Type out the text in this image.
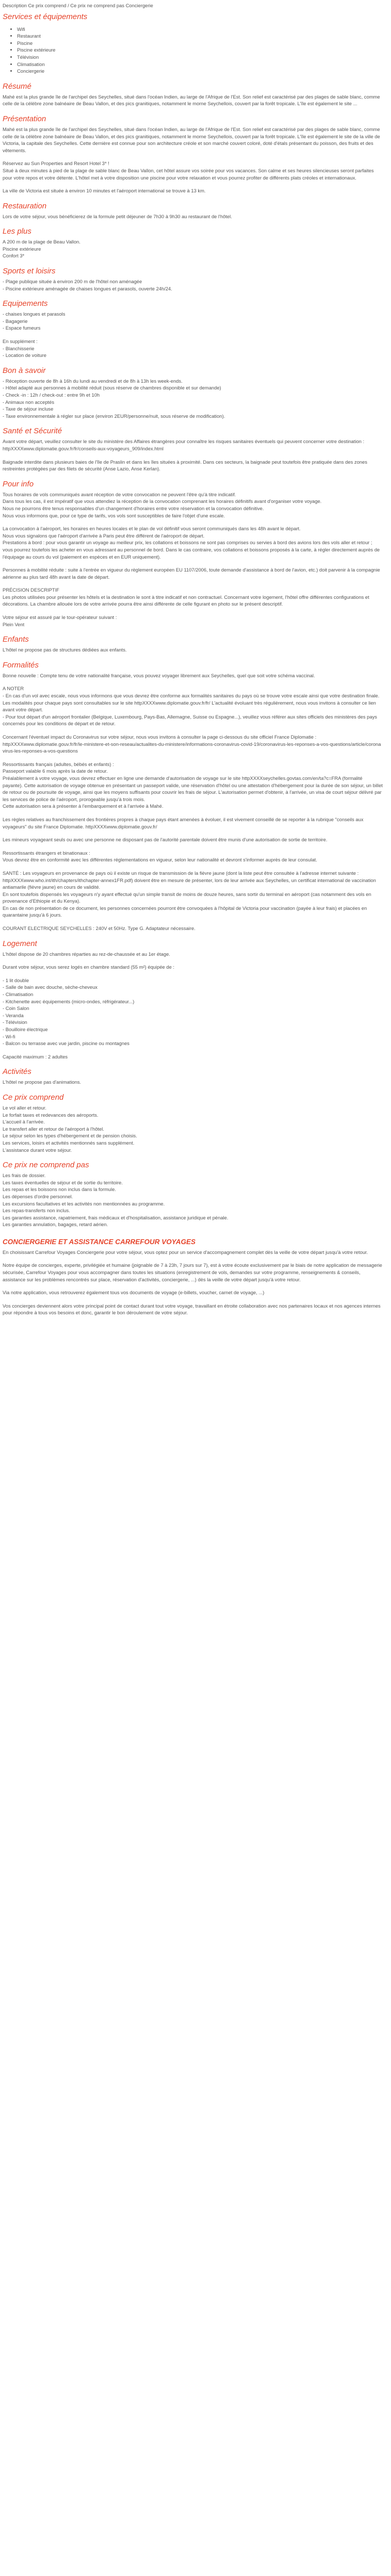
Description Ce prix comprend / Ce prix ne comprend pas Conciergerie
Services et équipements
• Wifi
• Restaurant
• Piscine
• Piscine extérieure
• Télévision
• Climatisation
• Conciergerie
Résumé

Mahé est la plus grande île de l'archipel des Seychelles, situé dans l'océan Indien, au large de l'Afrique de l'Est. Son relief est caractérisé par des plages de sable blanc, comme celle de la célèbre zone balnéaire de Beau Vallon, et des pics granitiques, notamment le morne Seychellois, couvert par la forêt tropicale. L'île est également le site ...

Présentation

Mahé est la plus grande île de l'archipel des Seychelles, situé dans l'océan Indien, au large de l'Afrique de l'Est. Son relief est caractérisé par des plages de sable blanc, comme celle de la célèbre zone balnéaire de Beau Vallon, et des pics granitiques, notamment le morne Seychellois, couvert par la forêt tropicale. L'île est également le site de la ville de Victoria, la capitale des Seychelles. Cette dernière est connue pour son architecture créole et son marché couvert coloré, doté d'étals présentant du poisson, des fruits et des vêtements.

Réservez au Sun Properties and Resort Hotel 3* !
Situé à deux minutes à pied de la plage de sable blanc de Beau Vallon, cet hôtel assure vos soirée pour vos vacances. Son calme et ses heures silencieuses seront parfaites pour votre repos et votre détente. L'hôtel met à votre disposition une piscine pour votre relaxation et vous pourrez profiter de différents plats créoles et internationaux.

La ville de Victoria est située à environ 10 minutes et l'aéroport international se trouve à 13 km.

Restauration

Lors de votre séjour, vous bénéficierez de la formule petit déjeuner de 7h30 à 9h30 au restaurant de l'hôtel.

Les plus

A 200 m de la plage de Beau Vallon.
Piscine extérieure
Confort 3*

Sports et loisirs

- Plage publique située à environ 200 m de l'hôtel non aménagée
- Piscine extérieure aménagée de chaises longues et parasols, ouverte 24h/24.

Equipements

- chaises longues et parasols
- Bagagerie
- Espace fumeurs

En supplément :
- Blanchisserie
- Location de voiture

Bon à savoir

- Réception ouverte de 8h à 16h du lundi au vendredi et de 8h à 13h les week-ends.
- Hôtel adapté aux personnes à mobilité réduit (sous réserve de chambres disponible et sur demande)
- Check -in : 12h / check-out : entre 9h et 10h
- Animaux non acceptés
- Taxe de séjour incluse
- Taxe environnementale à régler sur place (environ 2EUR/personne/nuit, sous réserve de modification).

Santé et Sécurité

Avant votre départ, veuillez consulter le site du ministère des Affaires étrangères pour connaître les risques sanitaires éventuels qui peuvent concerner votre destination : httpXXXXwww.diplomatie.gouv.fr/fr/conseils-aux-voyageurs_909/index.html

Baignade interdite dans plusieurs baies de l'île de Praslin et dans les îles situées à proximité. Dans ces secteurs, la baignade peut toutefois être pratiquée dans des zones restreintes protégées par des filets de sécurité (Anse Lazio, Anse Kerlan).

Pour info

Tous horaires de vols communiqués avant réception de votre convocation ne peuvent l'être qu'à titre indicatif.
Dans tous les cas, il est impératif que vous attendiez la réception de la convocation comprenant les horaires définitifs avant d'organiser votre voyage.
Nous ne pourrons être tenus responsables d'un changement d'horaires entre votre réservation et la convocation définitive.
Nous vous informons que, pour ce type de tarifs, vos vols sont susceptibles de faire l'objet d'une escale.

La convocation à l'aéroport, les horaires en heures locales et le plan de vol définitif vous seront communiqués dans les 48h avant le départ.
Nous vous signalons que l'aéroport d'arrivée à Paris peut être différent de l'aéroport de départ.
Prestations à bord : pour vous garantir un voyage au meilleur prix, les collations et boissons ne sont pas comprises ou servies à bord des avions lors des vols aller et retour ; vous pourrez toutefois les acheter en vous adressant au personnel de bord. Dans le cas contraire, vos collations et boissons proposés à la carte, à régler directement auprès de l'équipage au cours du vol (paiement en espèces et en EUR uniquement).

Personnes à mobilité réduite : suite à l'entrée en vigueur du règlement européen EU 1107/2006, toute demande d'assistance à bord de l'avion, etc.) doit parvenir à la compagnie aérienne au plus tard 48h avant la date de départ.

PRÉCISION DESCRIPTIF
Les photos utilisées pour présenter les hôtels et la destination le sont à titre indicatif et non contractuel. Concernant votre logement, l'hôtel offre différentes configurations et décorations. La chambre allouée lors de votre arrivée pourra être ainsi différente de celle figurant en photo sur le présent descriptif.

Votre séjour est assuré par le tour-opérateur suivant :
Plein Vent

Enfants

L'hôtel ne propose pas de structures dédiées aux enfants.

Formalités

Bonne nouvelle : Compte tenu de votre nationalité française, vous pouvez voyager librement aux Seychelles, quel que soit votre schéma vaccinal.

A NOTER
- En cas d'un vol avec escale, nous vous informons que vous devrez être conforme aux formalités sanitaires du pays où se trouve votre escale ainsi que votre destination finale.
Les modalités pour chaque pays sont consultables sur le site httpXXXXwww.diplomatie.gouv.fr/fr/ L'actualité évoluant très régulièrement, nous vous invitons à consulter ce lien avant votre départ.
- Pour tout départ d'un aéroport frontalier (Belgique, Luxembourg, Pays-Bas, Allemagne, Suisse ou Espagne...), veuillez vous référer aux sites officiels des ministères des pays concernés pour les conditions de départ et de retour.

Concernant l'éventuel impact du Coronavirus sur votre séjour, nous vous invitons à consulter la page ci-dessous du site officiel France Diplomatie :
httpXXXXwww.diplomatie.gouv.fr/fr/le-ministere-et-son-reseau/actualites-du-ministere/informations-coronavirus-covid-19/coronavirus-les-reponses-a-vos-questions/article/coronavirus-les-reponses-a-vos-questions

Ressortissants français (adultes, bébés et enfants) :
Passeport valable 6 mois après la date de retour.
Préalablement à votre voyage, vous devrez effectuer en ligne une demande d'autorisation de voyage sur le site httpXXXXseychelles.govtas.com/en/ta?c=FRA (formalité payante). Cette autorisation de voyage obtenue en présentant un passeport valide, une réservation d'hôtel ou une attestation d'hébergement pour la durée de son séjour, un billet de retour ou de poursuite de voyage, ainsi que les moyens suffisants pour couvrir les frais de séjour. L'autorisation permet d'obtenir, à l'arrivée, un visa de court séjour délivré par les services de police de l'aéroport, prorogeable jusqu'à trois mois.
Cette autorisation sera à présenter à l'embarquement et à l'arrivée à Mahé.

Les règles relatives au franchissement des frontières propres à chaque pays étant amenées à évoluer, il est vivement conseillé de se reporter à la rubrique "conseils aux voyageurs" du site France Diplomatie. httpXXXXwww.diplomatie.gouv.fr/

Les mineurs voyageant seuls ou avec une personne ne disposant pas de l'autorité parentale doivent être munis d'une autorisation de sortie de territoire.

Ressortissants étrangers et binationaux :
Vous devrez être en conformité avec les différentes réglementations en vigueur, selon leur nationalité et devront s'informer auprès de leur consulat.

SANTÉ : Les voyageurs en provenance de pays où il existe un risque de transmission de la fièvre jaune (dont la liste peut être consultée à l'adresse internet suivante : httpXXXXwww.who.int/ith/chapters/ithchapter-annex1FR.pdf) doivent être en mesure de présenter, lors de leur arrivée aux Seychelles, un certificat international de vaccination antiamarile (fièvre jaune) en cours de validité.
En sont toutefois dispensés les voyageurs n'y ayant effectué qu'un simple transit de moins de douze heures, sans sortir du terminal en aéroport (cas notamment des vols en provenance d'Ethiopie et du Kenya).
En cas de non présentation de ce document, les personnes concernées pourront être convoquées à l'hôpital de Victoria pour vaccination (payée à leur frais) et placées en quarantaine jusqu'à 6 jours.

COURANT ELECTRIQUE SEYCHELLES : 240V et 50Hz. Type G. Adaptateur nécessaire.

Logement

L'hôtel dispose de 20 chambres réparties au rez-de-chaussée et au 1er étage.

Durant votre séjour, vous serez logés en chambre standard (55 m²) équipée de :

- 1 lit double
- Salle de bain avec douche, sèche-cheveux
- Climatisation
- Kitchenette avec équipements (micro-ondes, réfrigérateur...)
- Coin Salon
- Veranda
- Télévision
- Bouilloire électrique
- Wi-fi
- Balcon ou terrasse avec vue jardin, piscine ou montagnes

Capacité maximum : 2 adultes

Activités

L'hôtel ne propose pas d'animations.

Ce prix comprend

Le vol aller et retour.
Le forfait taxes et redevances des aéroports.
L'accueil à l'arrivée.
Le transfert aller et retour de l'aéroport à l'hôtel.
Le séjour selon les types d'hébergement et de pension choisis.
Les services, loisirs et activités mentionnés sans supplément.
L'assistance durant votre séjour.

Ce prix ne comprend pas

Les frais de dossier.
Les taxes éventuelles de séjour et de sortie du territoire.
Les repas et les boissons non inclus dans la formule.
Les dépenses d'ordre personnel.
Les excursions facultatives et les activités non mentionnées au programme.
Les repas-transferts non inclus.
Les garanties assistance, rapatriement, frais médicaux et d'hospitalisation, assistance juridique et pénale.
Les garanties annulation, bagages, retard aérien.

CONCIERGERIE ET ASSISTANCE CARREFOUR VOYAGES

En choisissant Carrefour Voyages Conciergerie pour votre séjour, vous optez pour un service d'accompagnement complet dès la veille de votre départ jusqu'à votre retour.

Notre équipe de concierges, experte, privilégiée et humaine (joignable de 7 à 23h, 7 jours sur 7), est à votre écoute exclusivement par le biais de notre application de messagerie sécurisée, Carrefour Voyages pour vous accompagner dans toutes les situations (enregistrement de vols, demandes sur votre programme, renseignements & conseils, assistance sur les problèmes rencontrés sur place, réservation d'activités, conciergerie, ...) dès la veille de votre départ jusqu'à votre retour.

Via notre application, vous retrouverez également tous vos documents de voyage (e-billets, voucher, carnet de voyage, ...)

Vos concierges deviennent alors votre principal point de contact durant tout votre voyage, travaillant en étroite collaboration avec nos partenaires locaux et nos agences internes pour répondre à tous vos besoins et donc, garantir le bon déroulement de votre séjour.
